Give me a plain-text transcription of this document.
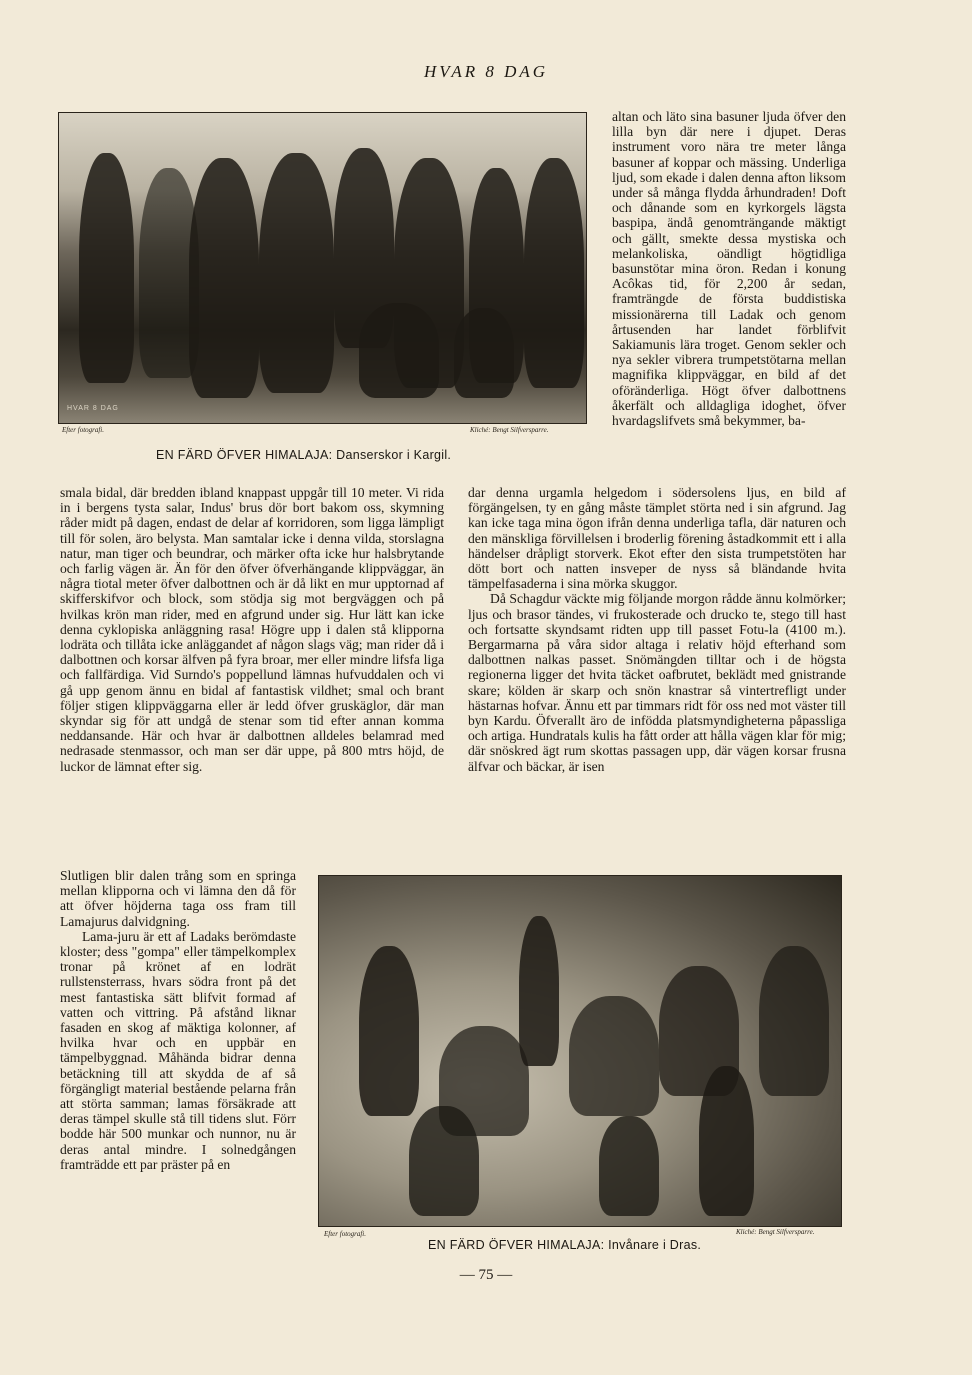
HVAR 8 DAG
HVAR 8 DAG
Efter fotografi.	Kliché: Bengt Silfversparre.
EN FÄRD ÖFVER HIMALAJA: Danserskor i Kargil.

altan och läto sina basuner ljuda öfver den lilla byn där nere i djupet. Deras instrument voro nära tre meter långa basuner af koppar och mässing. Underliga ljud, som ekade i dalen denna afton liksom under så många flydda århundraden! Doft och dånande som en kyrkorgels lägsta baspipa, ändå genomträngande mäktigt och gällt, smekte dessa mystiska och melankoliska, oändligt högtidliga basunstötar mina öron. Redan i konung Acôkas tid, för 2,200 år sedan, framträngde de första buddistiska missionärerna till Ladak och genom årtusenden har landet förblifvit Sakiamunis lära troget. Genom sekler och nya sekler vibrera trumpetstötarna mellan magnifika klippväggar, en bild af det oföränderliga. Högt öfver dalbottnens åkerfält och alldagliga idoghet, öfver hvardagslifvets små bekymmer, ba-

smala bidal, där bredden ibland knappast uppgår till 10 meter. Vi rida in i bergens tysta salar, Indus' brus dör bort bakom oss, skymning råder midt på dagen, endast de delar af korridoren, som ligga lämpligt till för solen, äro belysta. Man samtalar icke i denna vilda, storslagna natur, man tiger och beundrar, och märker ofta icke hur halsbrytande och farlig vägen är. Än för den öfver öfverhängande klippväggar, än några tiotal meter öfver dalbottnen och är då likt en mur upptornad af skifferskifvor och block, som stödja sig mot bergväggen och på hvilkas krön man rider, med en afgrund under sig. Hur lätt kan icke denna cyklopiska anläggning rasa! Högre upp i dalen stå klipporna lodräta och tillåta icke anläggandet af någon slags väg; man rider då i dalbottnen och korsar älfven på fyra broar, mer eller mindre lifsfa liga och fallfärdiga. Vid Surndo's poppellund lämnas hufvuddalen och vi gå upp genom ännu en bidal af fantastisk vildhet; smal och brant följer stigen klippväggarna eller är ledd öfver gruskäglor, där man skyndar sig för att undgå de stenar som tid efter annan komma neddansande. Här och hvar är dalbottnen alldeles belamrad med nedrasade stenmassor, och man ser där uppe, på 800 mtrs höjd, de luckor de lämnat efter sig.

dar denna urgamla helgedom i södersolens ljus, en bild af förgängelsen, ty en gång måste tämplet störta ned i sin afgrund. Jag kan icke taga mina ögon ifrån denna underliga tafla, där naturen och den mänskliga förvillelsen i broderlig förening åstadkommit ett i alla händelser dråpligt storverk. Ekot efter den sista trumpetstöten har dött bort och natten insveper de nyss så bländande hvita tämpelfasaderna i sina mörka skuggor.

Då Schagdur väckte mig följande morgon rådde ännu kolmörker; ljus och brasor tändes, vi frukosterade och drucko te, stego till hast och fortsatte skyndsamt ridten upp till passet Fotu-la (4100 m.). Bergarmarna på våra sidor altaga i relativ höjd efterhand som dalbottnen nalkas passet. Snömängden tilltar och i de högsta regionerna ligger det hvita täcket oafbrutet, beklädt med gnistrande skare; kölden är skarp och snön knastrar så vintertrefligt under hästarnas hofvar. Ännu ett par timmars ridt för oss ned mot väster till byn Kardu. Öfverallt äro de infödda platsmyndigheterna påpassliga och artiga. Hundratals kulis ha fått order att hålla vägen klar för mig; där snöskred ägt rum skottas passagen upp, där vägen korsar frusna älfvar och bäckar, är isen

Slutligen blir dalen trång som en springa mellan klipporna och vi lämna den då för att öfver höjderna taga oss fram till Lamajurus dalvidgning.

Lama-juru är ett af Ladaks berömdaste kloster; dess "gompa" eller tämpelkomplex tronar på krönet af en lodrät rullstensterrass, hvars södra front på det mest fantastiska sätt blifvit formad af vatten och vittring. På afstånd liknar fasaden en skog af mäktiga kolonner, af hvilka hvar och en uppbär en tämpelbyggnad. Måhända bidrar denna betäckning till att skydda de af så förgängligt material bestående pelarna från att störta samman; lamas försäkrade att deras tämpel skulle stå till tidens slut. Förr bodde här 500 munkar och nunnor, nu är deras antal mindre. I solnedgången framträdde ett par präster på en

Efter fotografi.	Kliché: Bengt Silfversparre.
EN FÄRD ÖFVER HIMALAJA: Invånare i Dras.
— 75 —
